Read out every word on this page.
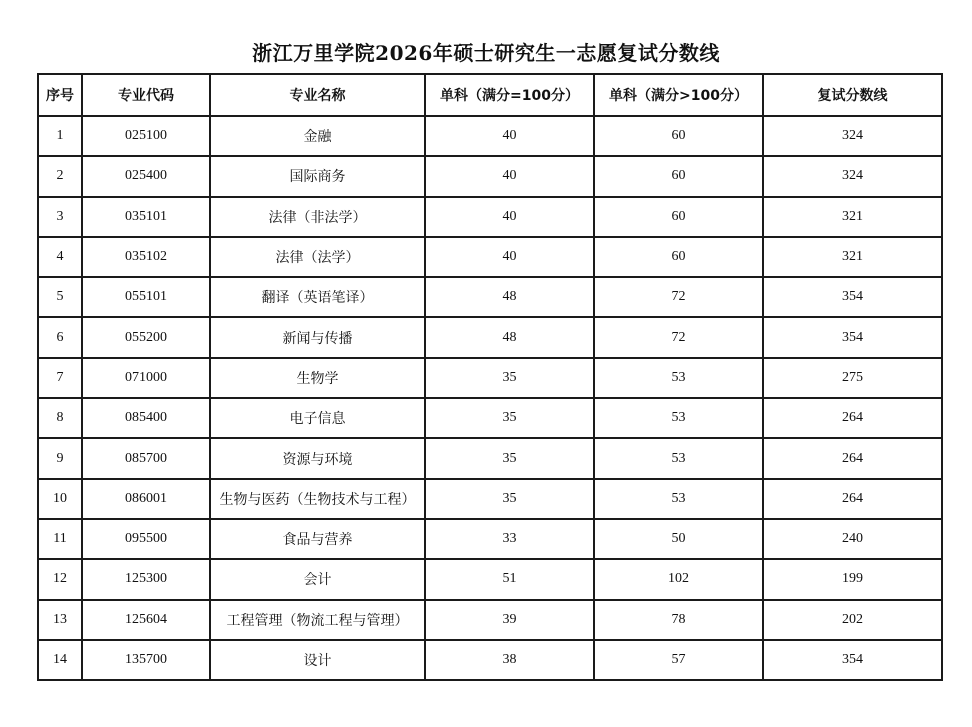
浙江万里学院2026年硕士研究生一志愿复试分数线
序号	专业代码	专业名称	单科（满分=100分）	单科（满分>100分）	复试分数线
1	025100	金融	40	60	324
2	025400	国际商务	40	60	324
3	035101	法律（非法学）	40	60	321
4	035102	法律（法学）	40	60	321
5	055101	翻译（英语笔译）	48	72	354
6	055200	新闻与传播	48	72	354
7	071000	生物学	35	53	275
8	085400	电子信息	35	53	264
9	085700	资源与环境	35	53	264
10	086001	生物与医药（生物技术与工程）	35	53	264
11	095500	食品与营养	33	50	240
12	125300	会计	51	102	199
13	125604	工程管理（物流工程与管理）	39	78	202
14	135700	设计	38	57	354
